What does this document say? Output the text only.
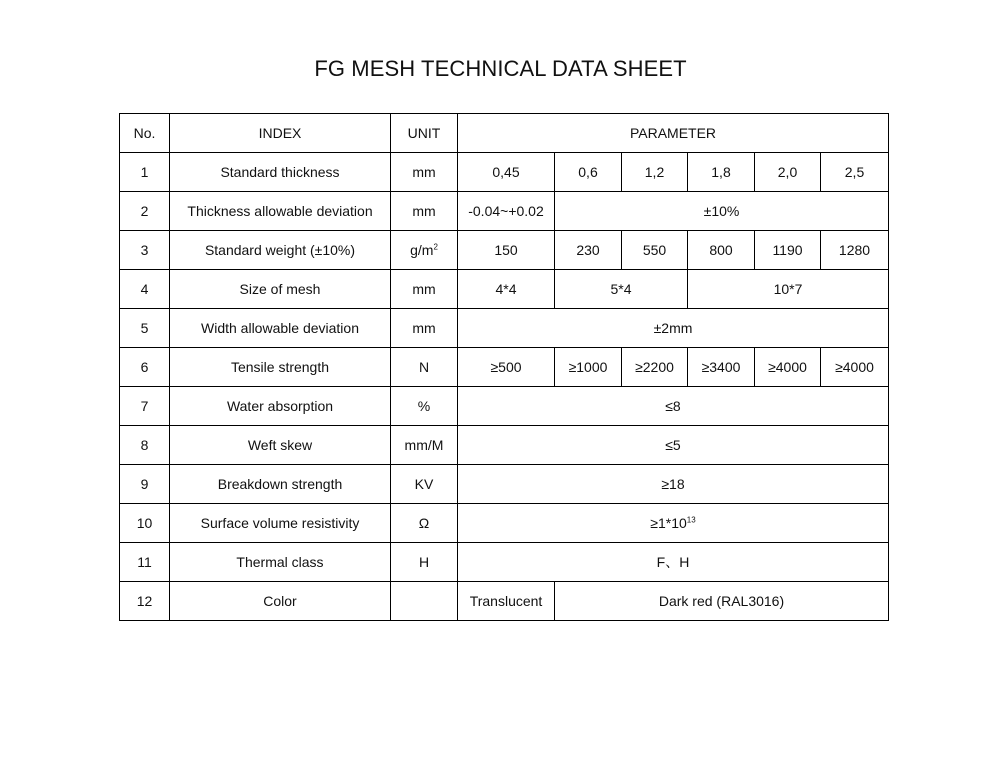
FG MESH TECHNICAL DATA SHEET
No.	INDEX	UNIT	PARAMETER					
1	Standard thickness	mm	0,45	0,6	1,2	1,8	2,0	2,5
2	Thickness allowable deviation	mm	-0.04~+0.02	±10%				
3	Standard weight (±10%)	$g/m^2$	150	230	550	800	1190	1280
4	Size of mesh	mm	4*4	5*4		10*7		
5	Width allowable deviation	mm	±2mm					
6	Tensile strength	N	≥500	≥1000	≥2200	≥3400	≥4000	≥4000
7	Water absorption	%	≤8					
8	Weft skew	mm/M	≤5					
9	Breakdown strength	KV	≥18					
10	Surface volume resistivity	Ω	$\ge 1*10^{13}$
11	Thermal class	H	F、H					
12	Color		Translucent	Dark red (RAL3016)				
